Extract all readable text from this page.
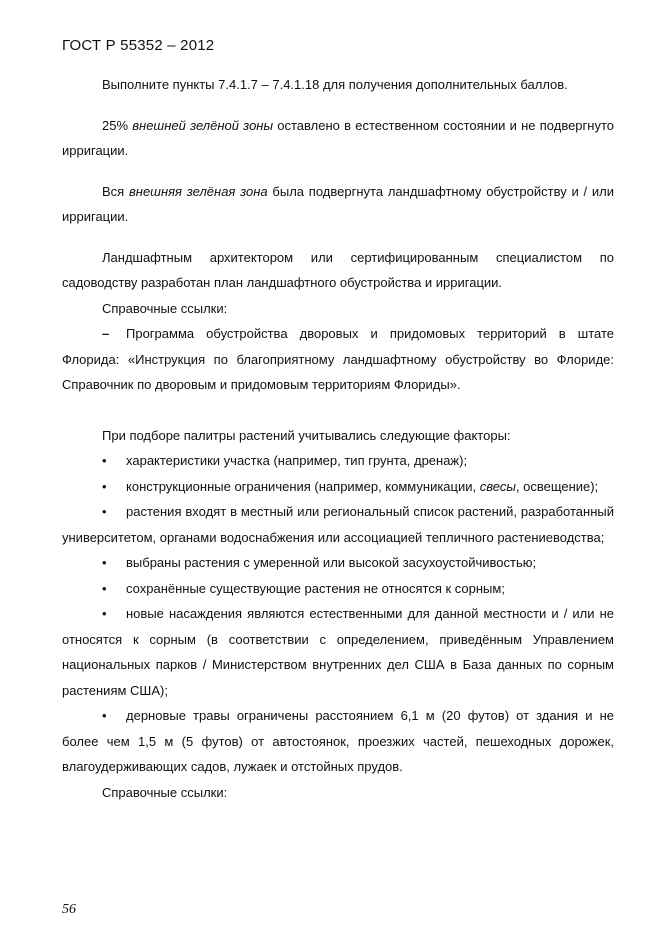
ГОСТ Р 55352 – 2012

Выполните пункты 7.4.1.7 – 7.4.1.18 для получения дополнительных баллов.

25% внешней зелёной зоны оставлено в естественном состоянии и не подвергнуто ирригации.

Вся внешняя зелёная зона была подвергнута ландшафтному обустройству и / или ирригации.

Ландшафтным архитектором или сертифицированным специалистом по садоводству разработан план ландшафтного обустройства и ирригации.

Справочные ссылки:

– Программа обустройства дворовых и придомовых территорий в штате Флорида: «Инструкция по благоприятному ландшафтному обустройству во Флориде: Справочник по дворовым и придомовым территориям Флориды».

При подборе палитры растений учитывались следующие факторы:

• характеристики участка (например, тип грунта, дренаж);

• конструкционные ограничения (например, коммуникации, свесы, освещение);

• растения входят в местный или региональный список растений, разработанный университетом, органами водоснабжения или ассоциацией тепличного растениеводства;

• выбраны растения с умеренной или высокой засухоустойчивостью;

• сохранённые существующие растения не относятся к сорным;

• новые насаждения являются естественными для данной местности и / или не относятся к сорным (в соответствии с определением, приведённым Управлением национальных парков / Министерством внутренних дел США в База данных по сорным растениям США);

• дерновые травы ограничены расстоянием 6,1 м (20 футов) от здания и не более чем 1,5 м (5 футов) от автостоянок, проезжих частей, пешеходных дорожек, влагоудерживающих садов, лужаек и отстойных прудов.

Справочные ссылки:

56
